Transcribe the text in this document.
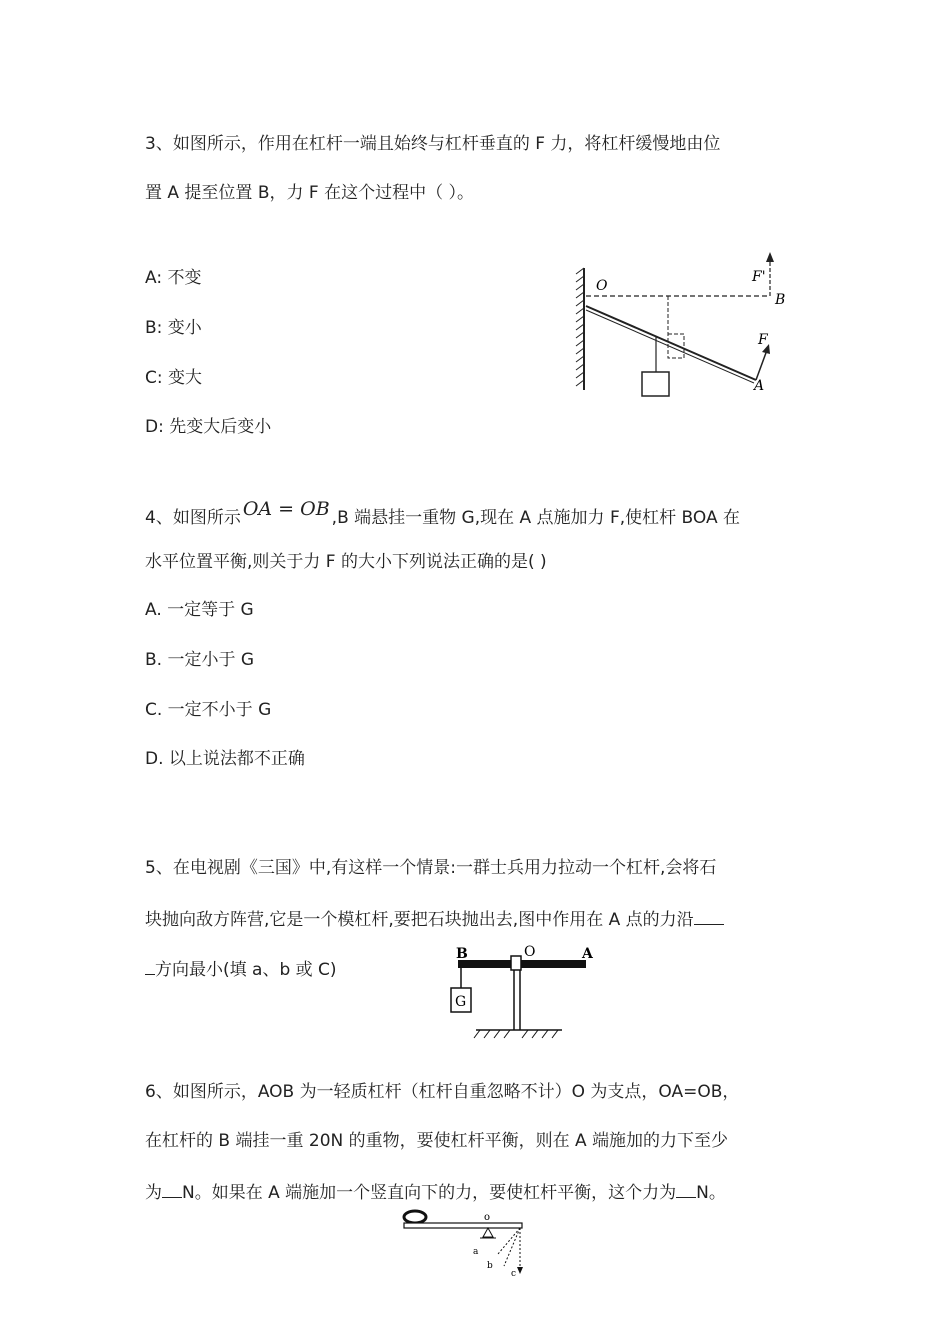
3、如图所示，作用在杠杆一端且始终与杠杆垂直的 F 力，将杠杆缓慢地由位
置 A 提至位置 B，力 F 在这个过程中（ ）。
A: 不变
B: 变小
C: 变大
D: 先变大后变小
O
B
A
F
F'
4、如图所示 OA = OB ,B 端悬挂一重物 G,现在 A 点施加力 F,使杠杆 BOA 在
水平位置平衡,则关于力 F 的大小下列说法正确的是( )
A. 一定等于 G
B. 一定小于 G
C. 一定不小于 G
D. 以上说法都不正确
5、在电视剧《三国》中,有这样一个情景:一群士兵用力拉动一个杠杆,会将石
块抛向敌方阵营,它是一个模杠杆,要把石块抛出去,图中作用在 A 点的力沿
方向最小(填 a、b 或 C)
G
B	O	A
6、如图所示，AOB 为一轻质杠杆（杠杆自重忽略不计）O 为支点，OA=OB，
在杠杆的 B 端挂一重 20N 的重物，要使杠杆平衡，则在 A 端施加的力下至少
为 N。如果在 A 端施加一个竖直向下的力，要使杠杆平衡，这个力为 N。
o
a
b
c
